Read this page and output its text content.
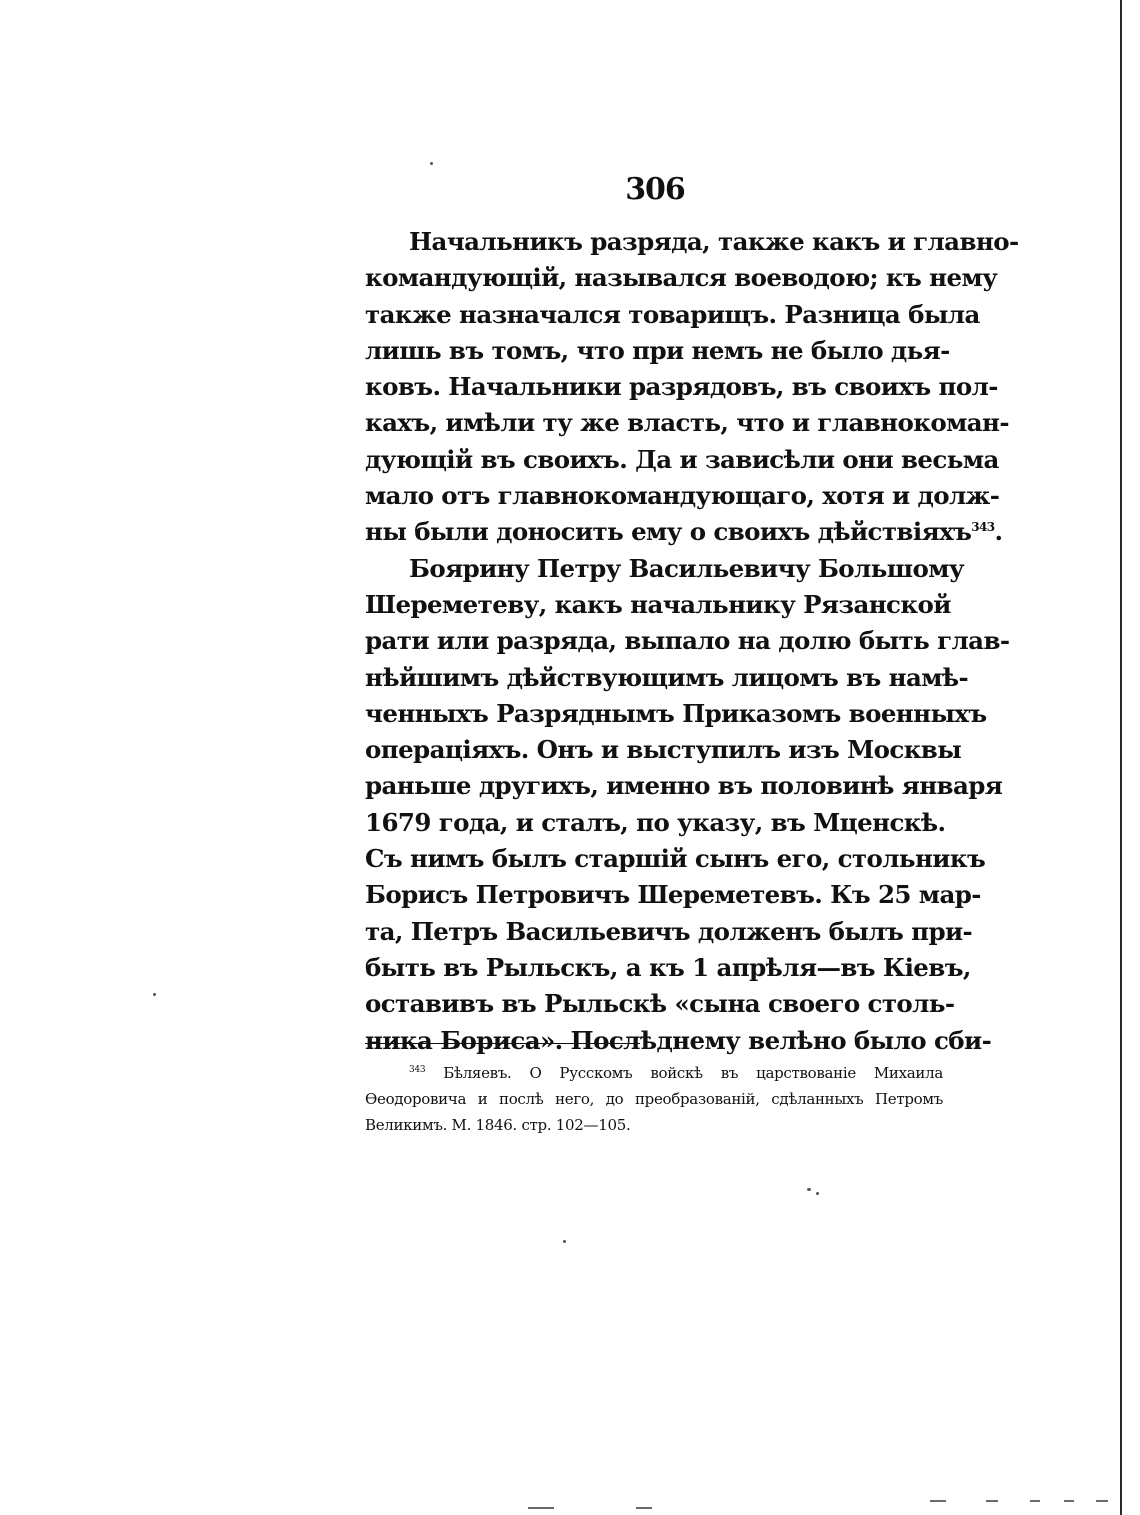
306
Начальникъ разряда, также какъ и главно-
командующій, назывался воеводою; къ нему
также назначался товарищъ. Разница была
лишь въ томъ, что при немъ не было дья-
ковъ. Начальники разрядовъ, въ своихъ пол-
кахъ, имѣли ту же власть, что и главнокоман-
дующій въ своихъ. Да и зависѣли они весьма
мало отъ главнокомандующаго, хотя и долж-
ны были доносить ему о своихъ дѣйствіяхъ$^{343}$.
Боярину Петру Васильевичу Большому
Шереметеву, какъ начальнику Рязанской
рати или разряда, выпало на долю быть глав-
нѣйшимъ дѣйствующимъ лицомъ въ намѣ-
ченныхъ Разряднымъ Приказомъ военныхъ
операціяхъ. Онъ и выступилъ изъ Москвы
раньше другихъ, именно въ половинѣ января
1679 года, и сталъ, по указу, въ Мценскѣ.
Съ нимъ былъ старшій сынъ его, стольникъ
Борисъ Петровичъ Шереметевъ. Къ 25 мар-
та, Петръ Васильевичъ долженъ былъ при-
быть въ Рыльскъ, а къ 1 апрѣля—въ Кіевъ,
оставивъ въ Рыльскѣ «сына своего столь-
ника Бориса». Послѣднему велѣно было сби-
$^{343}$ Бѣляевъ. О Русскомъ войскѣ въ царствованіе Михаила
Өеодоровича и послѣ него, до преобразованій, сдѣланныхъ Петромъ
Великимъ. М. 1846. стр. 102—105.
